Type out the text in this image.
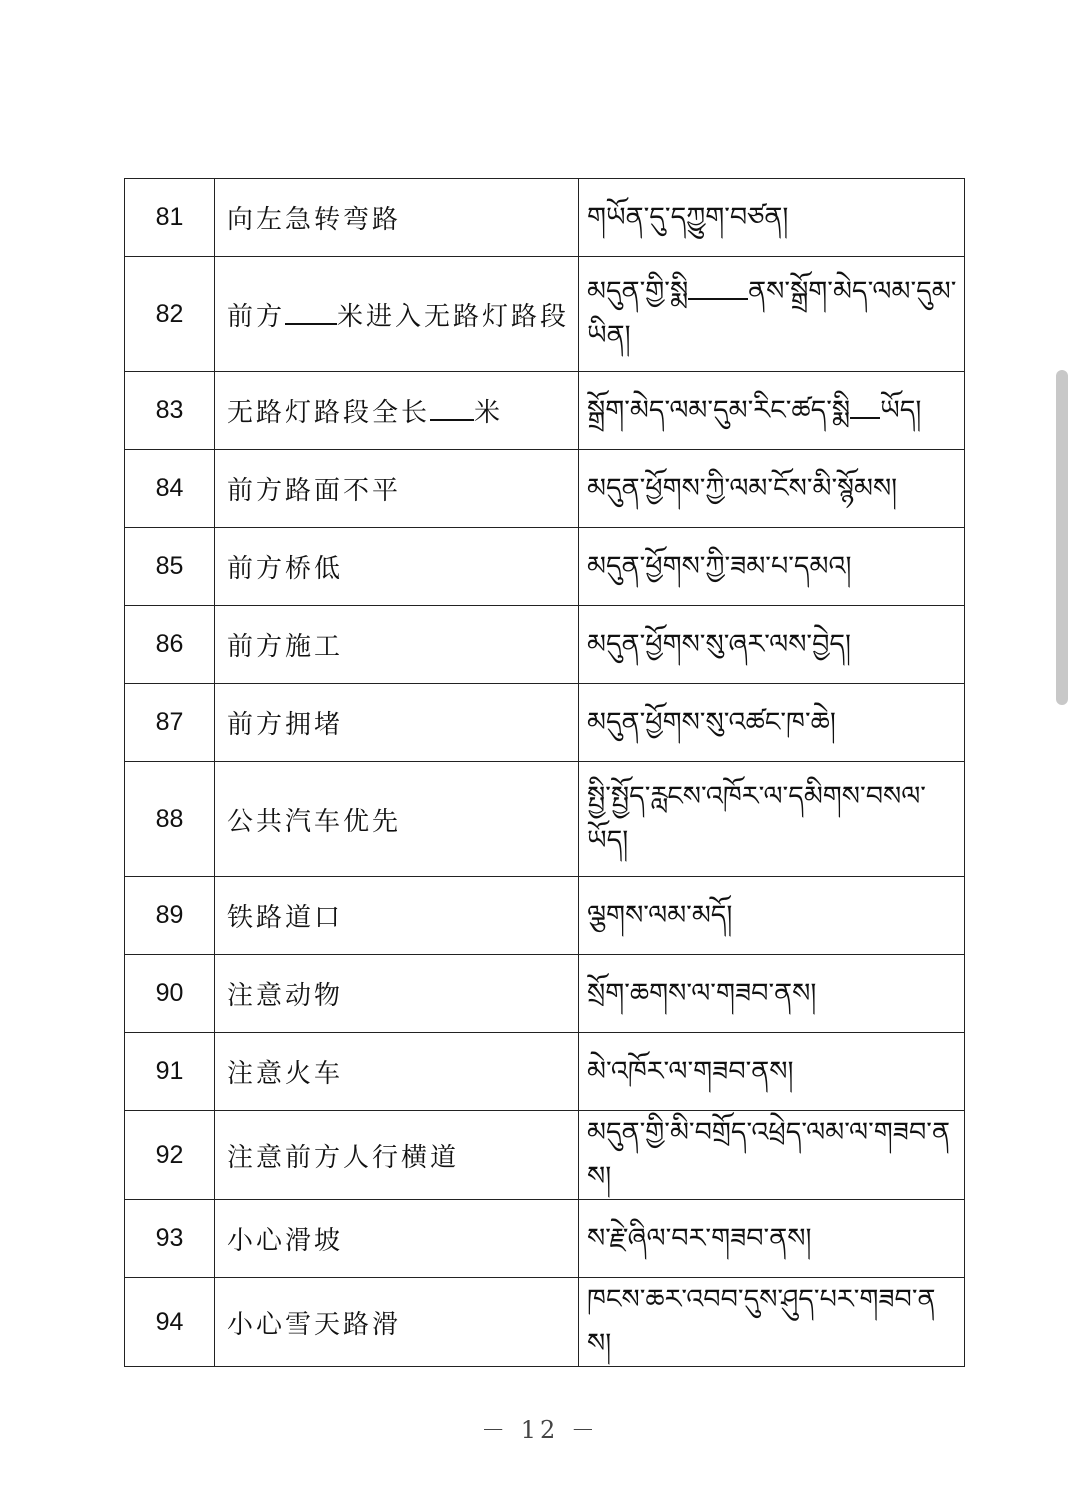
81	向左急转弯路	གཡོན་དུ་དཀྱུག་བཙན།
82	前方 米进入无路灯路段	མདུན་གྱི་སྨི ནས་སྒྲོག་མེད་ལམ་དུམ་ཡིན།
83	无路灯路段全长 米	སྒྲོག་མེད་ལམ་དུམ་རིང་ཚད་སྨི ཡོད།
84	前方路面不平	མདུན་ཕྱོགས་ཀྱི་ལམ་ངོས་མི་སྙོམས།
85	前方桥低	མདུན་ཕྱོགས་ཀྱི་ཟམ་པ་དམའ།
86	前方施工	མདུན་ཕྱོགས་སུ་ཞར་ལས་བྱེད།
87	前方拥堵	མདུན་ཕྱོགས་སུ་འཚང་ཁ་ཆེ།
88	公共汽车优先	སྤྱི་སྤྱོད་རླངས་འཁོར་ལ་དམིགས་བསལ་ཡོད།
89	铁路道口	ལྕགས་ལམ་མདོ།
90	注意动物	སྲོག་ཆགས་ལ་གཟབ་ནས།
91	注意火车	མེ་འཁོར་ལ་གཟབ་ནས།
92	注意前方人行横道	མདུན་གྱི་མི་བགྲོད་འཕྲེད་ལམ་ལ་གཟབ་ནས།
93	小心滑坡	ས་རྗེ་ཞིལ་བར་གཟབ་ནས།
94	小心雪天路滑	ཁངས་ཆར་འབབ་དུས་ཤུད་པར་གཟབ་ནས།
－ 12 －
